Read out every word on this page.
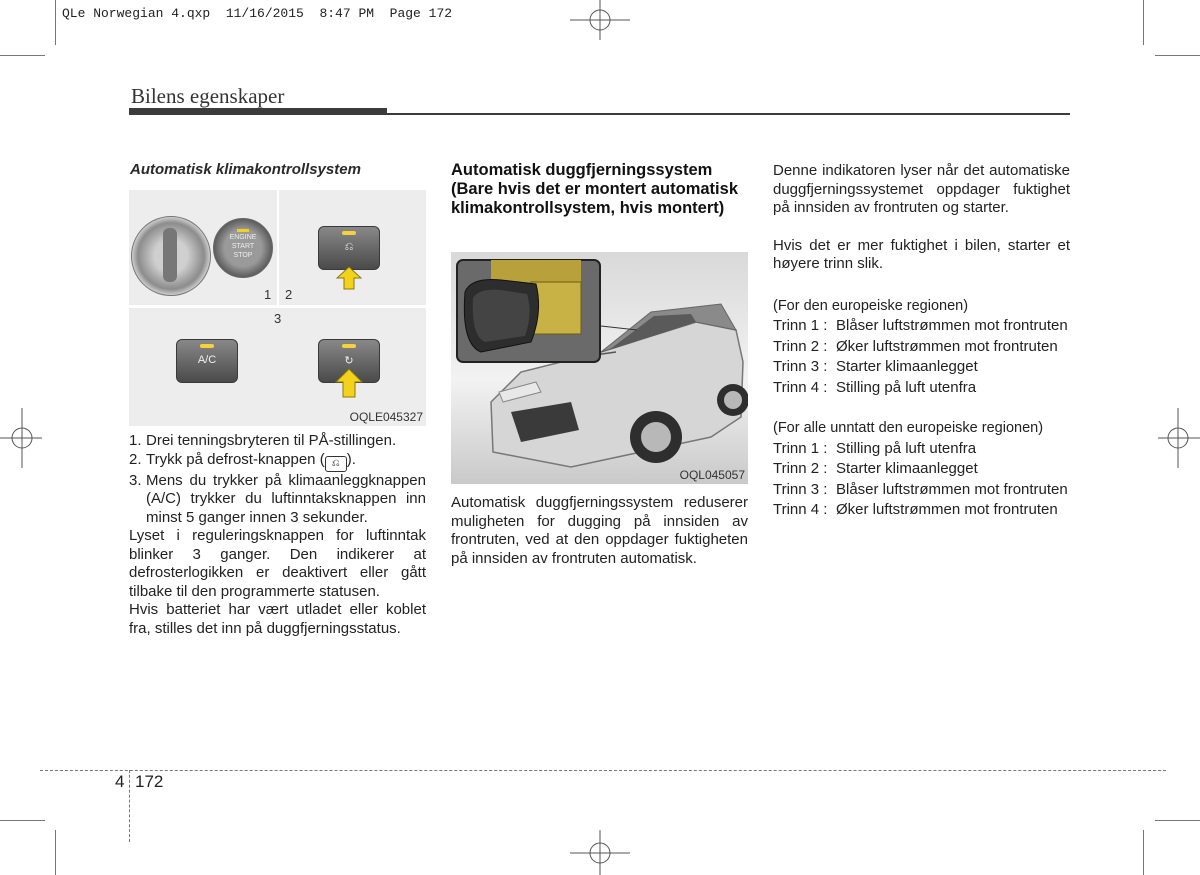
QLe Norwegian 4.qxp  11/16/2015  8:47 PM  Page 172
Bilens egenskaper
Automatisk klimakontrollsystem
ENGINE
START
STOP
⎌
A/C	↻
1 2
3
OQLE045327
1. Drei tenningsbryteren til PÅ-stillingen.
2. Trykk på defrost-knappen ( ⎌ ).
3. Mens du trykker på klimaanleggknappen (A/C) trykker du luftinntaksknappen inn minst 5 ganger innen 3 sekunder.
Lyset i reguleringsknappen for luftinntak blinker 3 ganger. Den indikerer at defrosterlogikken er deaktivert eller gått tilbake til den programmerte statusen.
Hvis batteriet har vært utladet eller koblet fra, stilles det inn på duggfjerningsstatus.
Automatisk duggfjerningssystem (Bare hvis det er montert automatisk klimakontrollsystem, hvis montert)
OQL045057
Automatisk duggfjerningssystem reduserer muligheten for dugging på innsiden av frontruten, ved at den oppdager fuktigheten på innsiden av frontruten automatisk.
Denne indikatoren lyser når det automatiske duggfjerningssystemet oppdager fuktighet på innsiden av frontruten og starter.
Hvis det er mer fuktighet i bilen, starter et høyere trinn slik.
(For den europeiske regionen)
Trinn 1 : Blåser luftstrømmen mot frontruten
Trinn 2 : Øker luftstrømmen mot frontruten
Trinn 3 : Starter klimaanlegget
Trinn 4 : Stilling på luft utenfra
(For alle unntatt den europeiske regionen)
Trinn 1 : Stilling på luft utenfra
Trinn 2 : Starter klimaanlegget
Trinn 3 : Blåser luftstrømmen mot frontruten
Trinn 4 : Øker luftstrømmen mot frontruten
4 172
